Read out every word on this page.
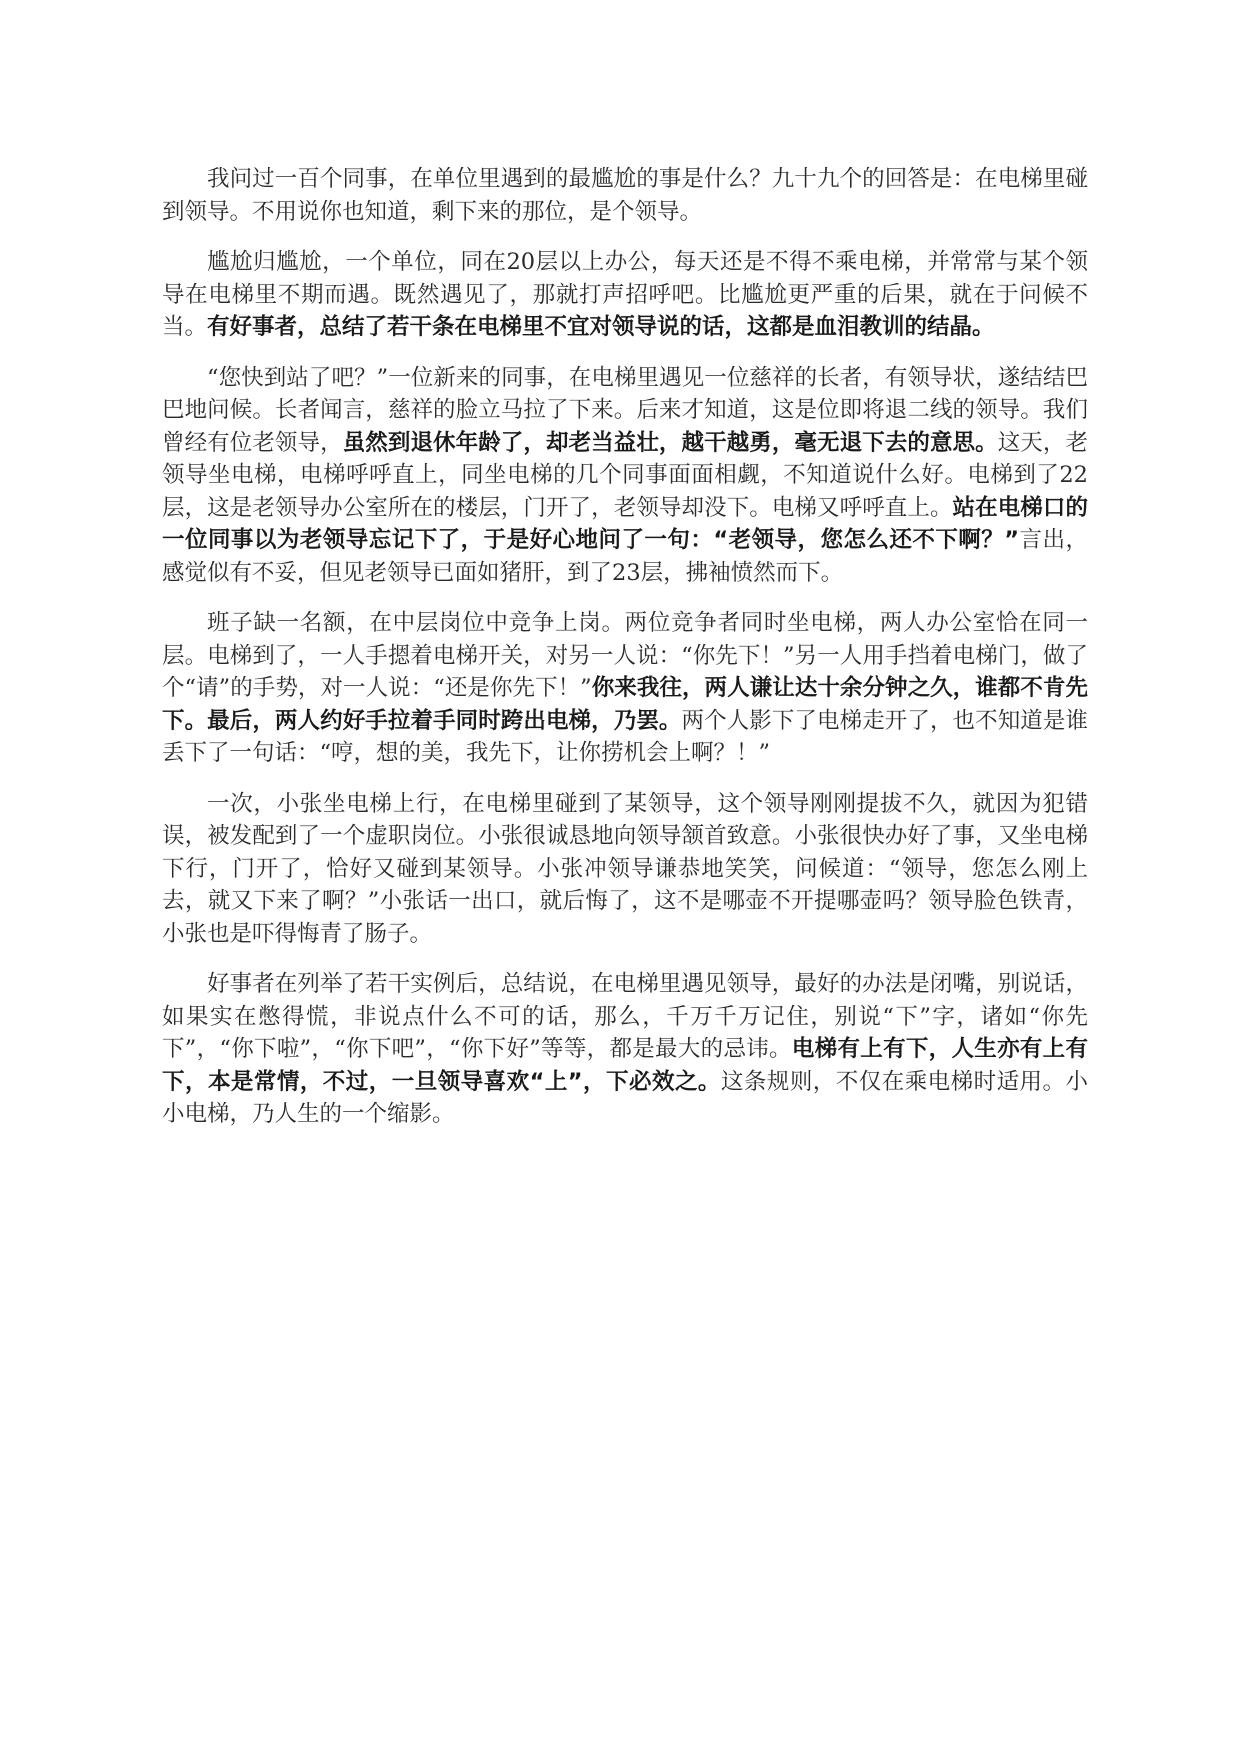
我问过一百个同事，在单位里遇到的最尴尬的事是什么？九十九个的回答是：在电梯里碰到领导。不用说你也知道，剩下来的那位，是个领导。

尴尬归尴尬，一个单位，同在20层以上办公，每天还是不得不乘电梯，并常常与某个领导在电梯里不期而遇。既然遇见了，那就打声招呼吧。比尴尬更严重的后果，就在于问候不当。有好事者，总结了若干条在电梯里不宜对领导说的话，这都是血泪教训的结晶。

“您快到站了吧？”一位新来的同事，在电梯里遇见一位慈祥的长者，有领导状，遂结结巴巴地问候。长者闻言，慈祥的脸立马拉了下来。后来才知道，这是位即将退二线的领导。我们曾经有位老领导，虽然到退休年龄了，却老当益壮，越干越勇，毫无退下去的意思。这天，老领导坐电梯，电梯呼呼直上，同坐电梯的几个同事面面相觑，不知道说什么好。电梯到了22层，这是老领导办公室所在的楼层，门开了，老领导却没下。电梯又呼呼直上。站在电梯口的一位同事以为老领导忘记下了，于是好心地问了一句：“老领导，您怎么还不下啊？”言出，感觉似有不妥，但见老领导已面如猪肝，到了23层，拂袖愤然而下。

班子缺一名额，在中层岗位中竞争上岗。两位竞争者同时坐电梯，两人办公室恰在同一层。电梯到了，一人手摁着电梯开关，对另一人说：“你先下！”另一人用手挡着电梯门，做了个“请”的手势，对一人说：“还是你先下！”你来我往，两人谦让达十余分钟之久，谁都不肯先下。最后，两人约好手拉着手同时跨出电梯，乃罢。两个人影下了电梯走开了，也不知道是谁丢下了一句话：“哼，想的美，我先下，让你捞机会上啊？！”

一次，小张坐电梯上行，在电梯里碰到了某领导，这个领导刚刚提拔不久，就因为犯错误，被发配到了一个虚职岗位。小张很诚恳地向领导颔首致意。小张很快办好了事，又坐电梯下行，门开了，恰好又碰到某领导。小张冲领导谦恭地笑笑，问候道：“领导，您怎么刚上去，就又下来了啊？”小张话一出口，就后悔了，这不是哪壶不开提哪壶吗？领导脸色铁青，小张也是吓得悔青了肠子。

好事者在列举了若干实例后，总结说，在电梯里遇见领导，最好的办法是闭嘴，别说话，如果实在憋得慌，非说点什么不可的话，那么，千万千万记住，别说“下”字，诸如“你先下”，“你下啦”，“你下吧”，“你下好”等等，都是最大的忌讳。电梯有上有下，人生亦有上有下，本是常情，不过，一旦领导喜欢“上”，下必效之。这条规则，不仅在乘电梯时适用。小小电梯，乃人生的一个缩影。
